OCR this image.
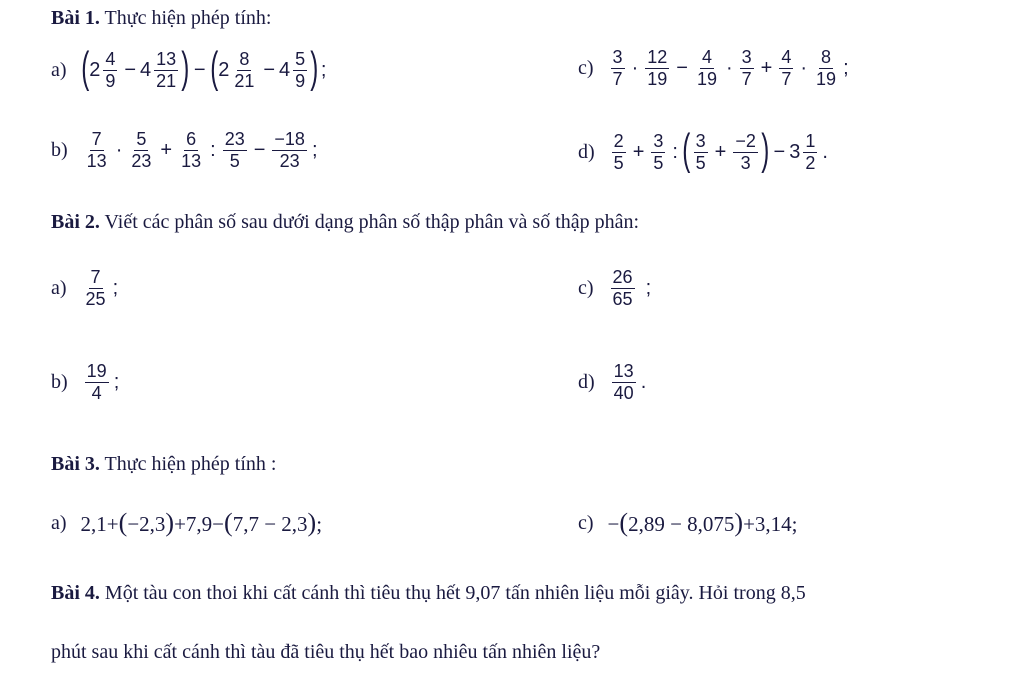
Bài 1. Thực hiện phép tính:
a) ( $2 \frac{4}{9} - 4 \frac{13}{21}$ ) − ( $2 \frac{8}{21} - 4 \frac{5}{9}$ ) ;	$c) \frac{3}{7} \cdot \frac{12}{19} - \frac{4}{19} \cdot \frac{3}{7} + \frac{4}{7} \cdot \frac{8}{19}$ ;
$b) \frac{7}{13} \cdot \frac{5}{23} + \frac{6}{13}$ : $\frac{23}{5} - \frac{-18}{23}$ ;	$d) \frac{2}{5} + \frac{3}{5}$ : ( $\frac{3}{5} + \frac{-2}{3}$ ) − $3 \frac{1}{2}$ .
Bài 2. Viết các phân số sau dưới dạng phân số thập phân và số thập phân:
$a) \frac{7}{25}$ ;	$c) \frac{26}{65}$ ;
$b) \frac{19}{4}$ ;	$d) \frac{13}{40}$ .
Bài 3. Thực hiện phép tính :
a) 2,1+(−2,3)+7,9−(7,7 − 2,3);	c) −(2,89 − 8,075)+3,14;
Bài 4. Một tàu con thoi khi cất cánh thì tiêu thụ hết 9,07 tấn nhiên liệu mỗi giây. Hỏi trong 8,5
phút sau khi cất cánh thì tàu đã tiêu thụ hết bao nhiêu tấn nhiên liệu?
